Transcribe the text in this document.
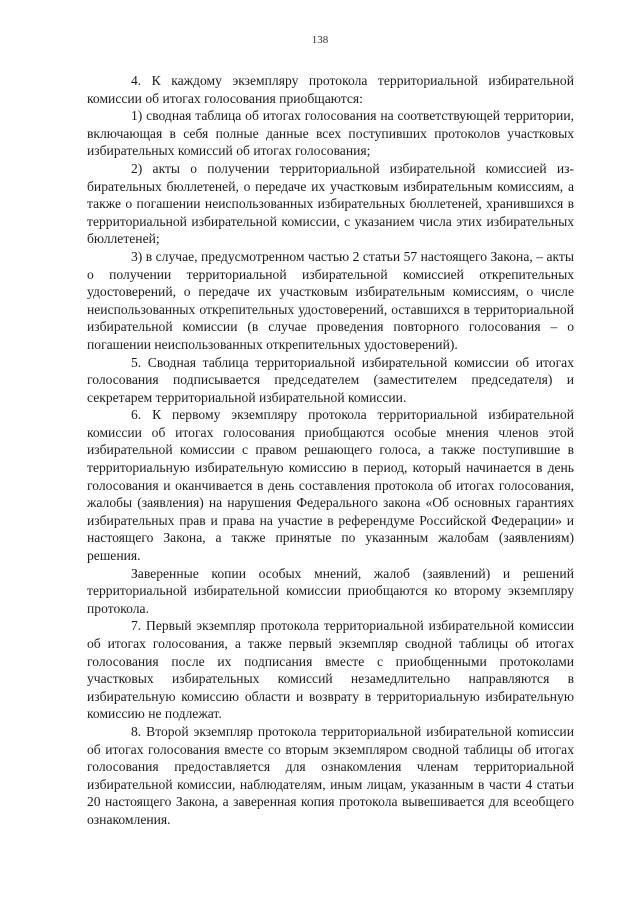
138

4. К каждому экземпляру протокола территориальной избирательной комиссии об итогах голосования приобщаются:

1) сводная таблица об итогах голосования на соответствующей территории, включающая в себя полные данные всех поступивших протоколов участковых избирательных комиссий об итогах голосования;

2) акты о получении территориальной избирательной комиссией избирательных бюллетеней, о передаче их участковым избирательным комиссиям, а также о погашении неиспользованных избирательных бюллетеней, хранившихся в территориальной избирательной комиссии, с указанием числа этих избирательных бюллетеней;

3) в случае, предусмотренном частью 2 статьи 57 настоящего Закона, – акты о получении территориальной избирательной комиссией открепительных удостоверений, о передаче их участковым избирательным комиссиям, о числе неиспользованных открепительных удостоверений, оставшихся в территориальной избирательной комиссии (в случае проведения повторного голосования – о погашении неиспользованных открепительных удостоверений).

5. Сводная таблица территориальной избирательной комиссии об итогах голосования подписывается председателем (заместителем председателя) и секретарем территориальной избирательной комиссии.

6. К первому экземпляру протокола территориальной избирательной комиссии об итогах голосования приобщаются особые мнения членов этой избирательной комиссии с правом решающего голоса, а также поступившие в территориальную избирательную комиссию в период, который начинается в день голосования и оканчивается в день составления протокола об итогах голосования, жалобы (заявления) на нарушения Федерального закона «Об основных гарантиях избирательных прав и права на участие в референдуме Российской Федерации» и настоящего Закона, а также принятые по указанным жалобам (заявлениям) решения.

Заверенные копии особых мнений, жалоб (заявлений) и решений территориальной избирательной комиссии приобщаются ко второму экземпляру протокола.

7. Первый экземпляр протокола территориальной избирательной комиссии об итогах голосования, а также первый экземпляр сводной таблицы об итогах голосования после их подписания вместе с приобщенными протоколами участковых избирательных комиссий незамедлительно направляются в избирательную комиссию области и возврату в территориальную избирательную комиссию не подлежат.

8. Второй экземпляр протокола территориальной избирательной коmиссии об итогах голосования вместе со вторым экземпляром сводной таблицы об итогах голосования предоставляется для ознакомления членам территориальной избирательной комиссии, наблюдателям, иным лицам, указанным в части 4 статьи 20 настоящего Закона, а заверенная копия протокола вывешивается для всеобщего ознакомления.
